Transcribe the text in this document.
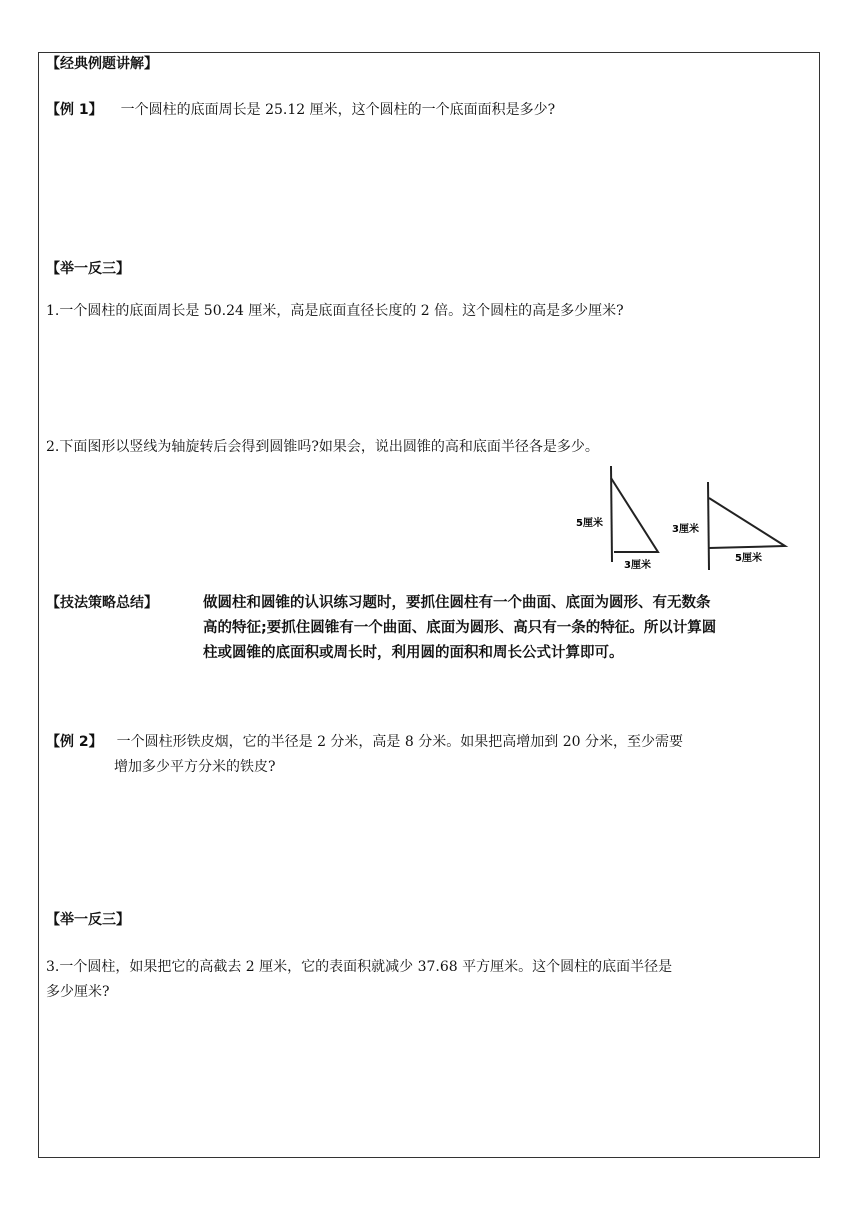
【经典例题讲解】
【例 1】 一个圆柱的底面周长是 25.12 厘米，这个圆柱的一个底面面积是多少?
【举一反三】
1.一个圆柱的底面周长是 50.24 厘米，高是底面直径长度的 2 倍。这个圆柱的高是多少厘米?
2.下面图形以竖线为轴旋转后会得到圆锥吗?如果会，说出圆锥的高和底面半径各是多少。
5厘米
3厘米
3厘米
5厘米
【技法策略总结】	做圆柱和圆锥的认识练习题时，要抓住圆柱有一个曲面、底面为圆形、有无数条
高的特征;要抓住圆锥有一个曲面、底面为圆形、高只有一条的特征。所以计算圆
柱或圆锥的底面积或周长时，利用圆的面积和周长公式计算即可。
【例 2】 一个圆柱形铁皮烟，它的半径是 2 分米，高是 8 分米。如果把高增加到 20 分米，至少需要
增加多少平方分米的铁皮?
【举一反三】
3.一个圆柱，如果把它的高截去 2 厘米，它的表面积就减少 37.68 平方厘米。这个圆柱的底面半径是
多少厘米?
